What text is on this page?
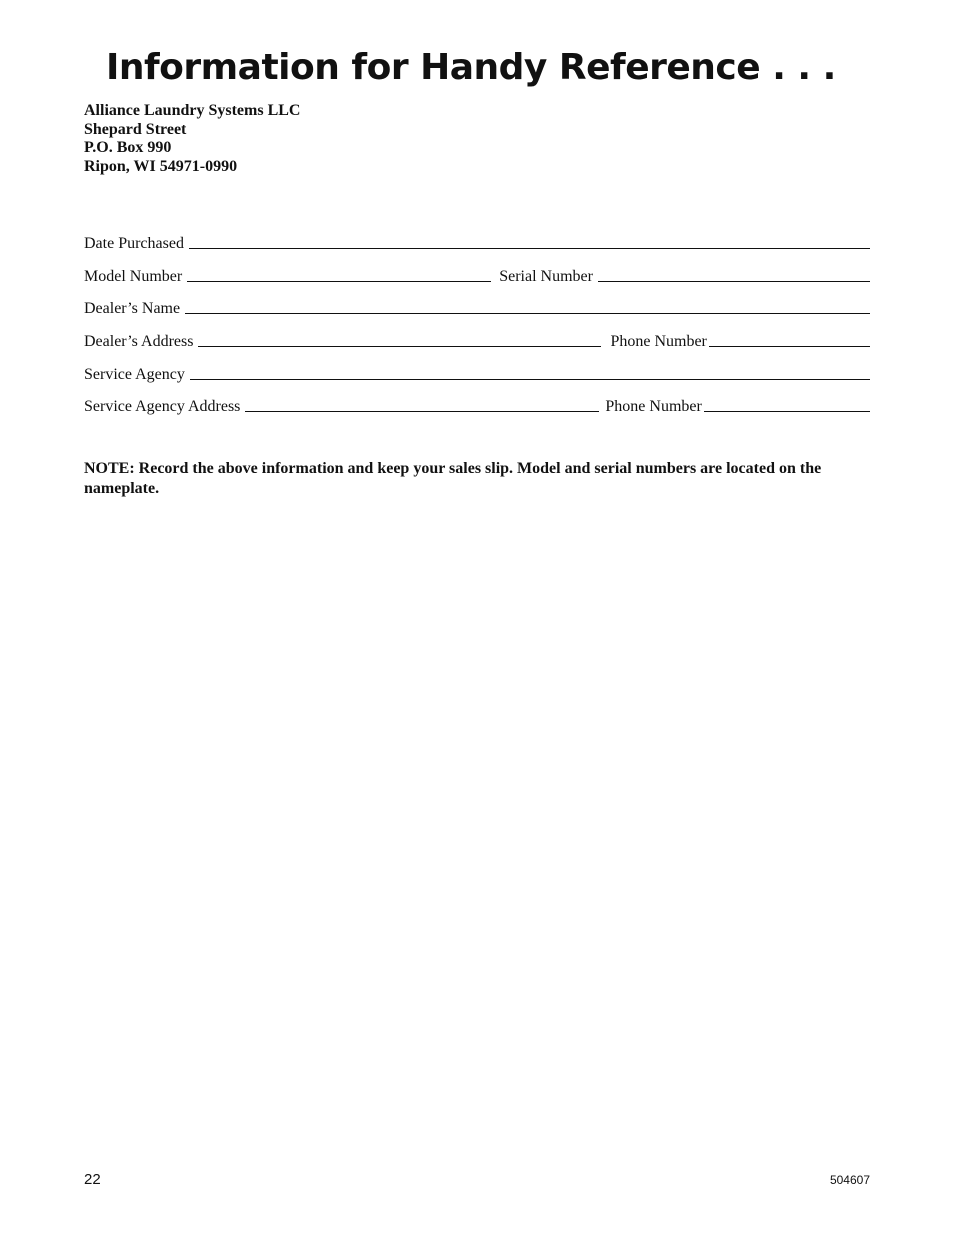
Information for Handy Reference . . .
Alliance Laundry Systems LLC
Shepard Street
P.O. Box 990
Ripon, WI 54971-0990
Date Purchased
Model Number	Serial Number
Dealer’s Name
Dealer’s Address	Phone Number
Service Agency
Service Agency Address	Phone Number
NOTE: Record the above information and keep your sales slip. Model and serial numbers are located on the nameplate.
22	504607
